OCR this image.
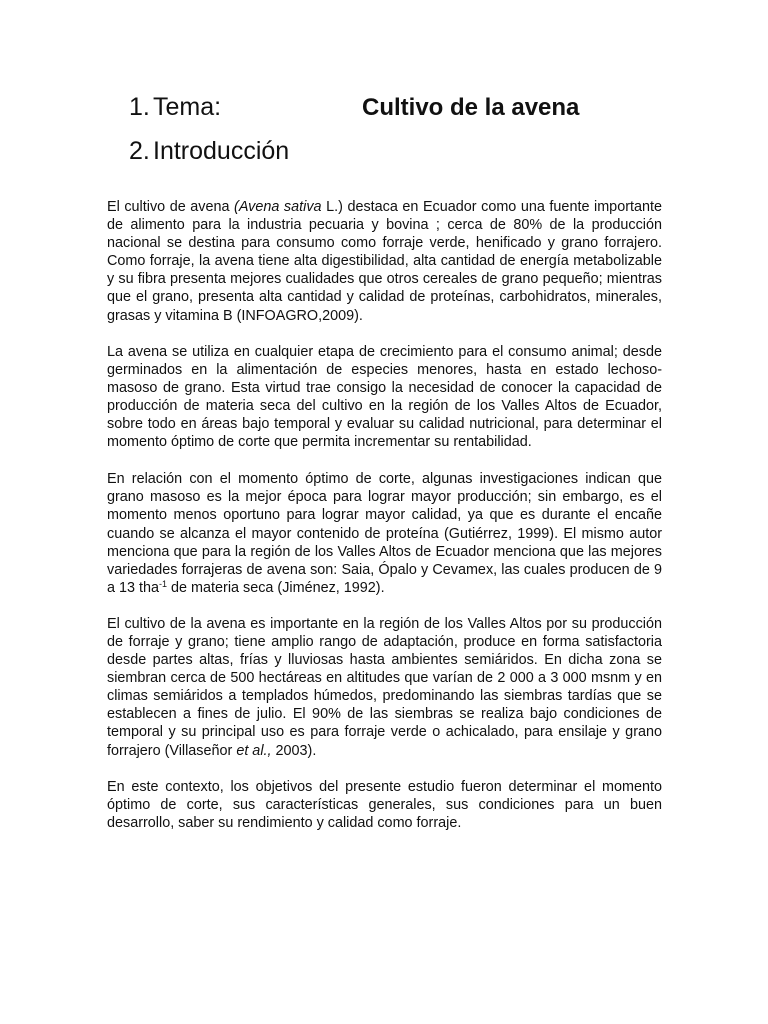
1. Tema:	Cultivo de la avena
2. Introducción

El cultivo de avena (Avena sativa L.) destaca en Ecuador como una fuente importante de alimento para la industria pecuaria y bovina ; cerca de 80% de la producción nacional se destina para consumo como forraje verde, henificado y grano forrajero. Como forraje, la avena tiene alta digestibilidad, alta cantidad de energía metabolizable y su fibra presenta mejores cualidades que otros cereales de grano pequeño; mientras que el grano, presenta alta cantidad y calidad de proteínas, carbohidratos, minerales, grasas y vitamina B (INFOAGRO,2009).

La avena se utiliza en cualquier etapa de crecimiento para el consumo animal; desde germinados en la alimentación de especies menores, hasta en estado lechoso-masoso de grano. Esta virtud trae consigo la necesidad de conocer la capacidad de producción de materia seca del cultivo en la región de los Valles Altos de Ecuador, sobre todo en áreas bajo temporal y evaluar su calidad nutricional, para determinar el momento óptimo de corte que permita incrementar su rentabilidad.

En relación con el momento óptimo de corte, algunas investigaciones indican que grano masoso es la mejor época para lograr mayor producción; sin embargo, es el momento menos oportuno para lograr mayor calidad, ya que es durante el encañe cuando se alcanza el mayor contenido de proteína (Gutiérrez, 1999). El mismo autor menciona que para la región de los Valles Altos de Ecuador menciona que las mejores variedades forrajeras de avena son: Saia, Ópalo y Cevamex, las cuales producen de 9 a 13 tha$^{-1}$ de materia seca (Jiménez, 1992).

El cultivo de la avena es importante en la región de los Valles Altos por su producción de forraje y grano; tiene amplio rango de adaptación, produce en forma satisfactoria desde partes altas, frías y lluviosas hasta ambientes semiáridos. En dicha zona se siembran cerca de 500 hectáreas en altitudes que varían de 2 000 a 3 000 msnm y en climas semiáridos a templados húmedos, predominando las siembras tardías que se establecen a fines de julio. El 90% de las siembras se realiza bajo condiciones de temporal y su principal uso es para forraje verde o achicalado, para ensilaje y grano forrajero (Villaseñor et al., 2003).

En este contexto, los objetivos del presente estudio fueron determinar el momento óptimo de corte, sus características generales, sus condiciones para un buen desarrollo, saber su rendimiento y calidad como forraje.
